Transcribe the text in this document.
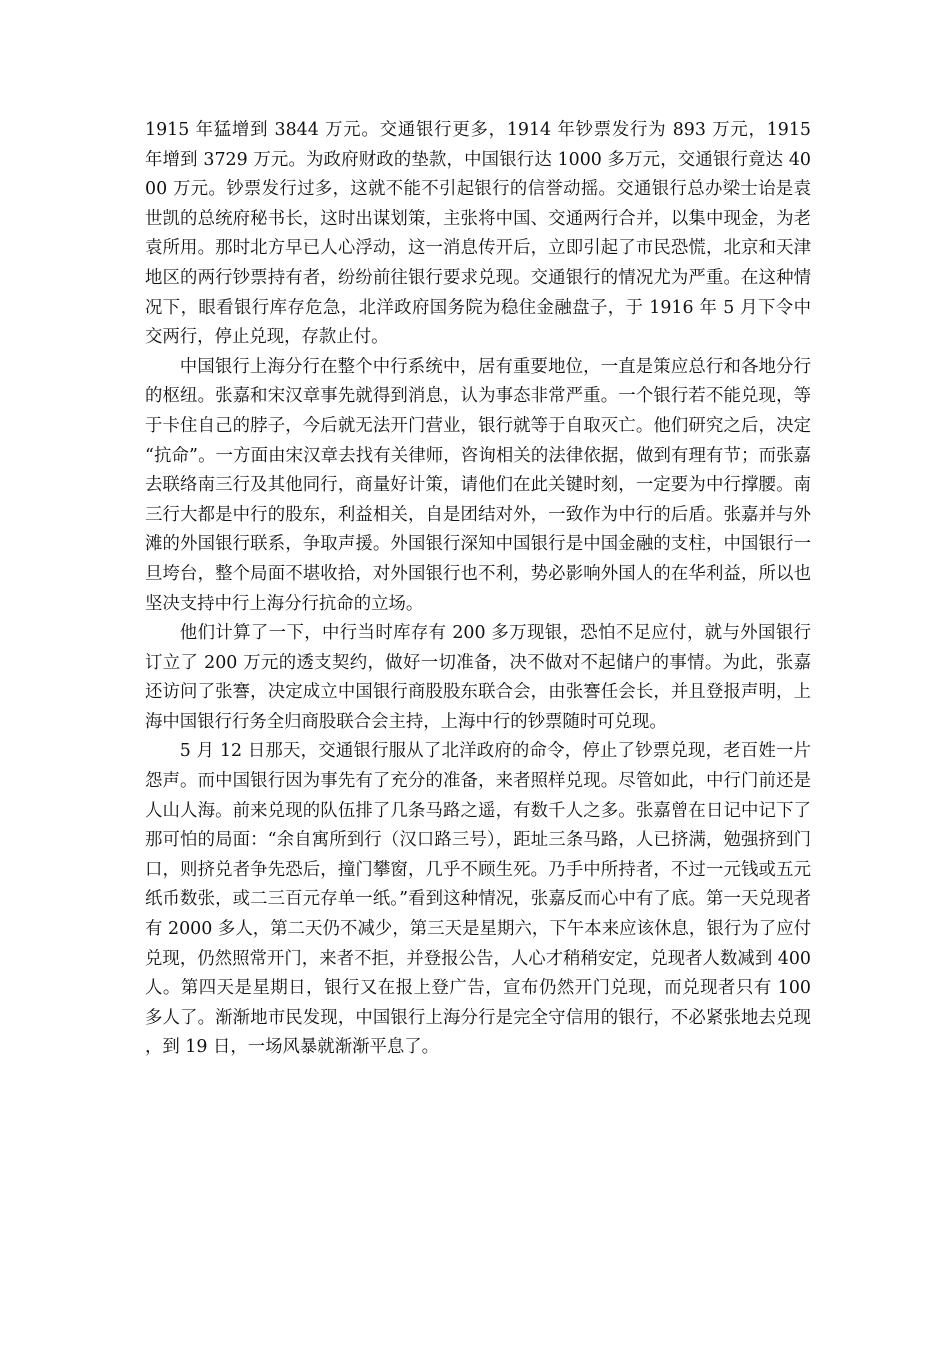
1915 年猛增到 3844 万元。交通银行更多，1914 年钞票发行为 893 万元，1915 年增到 3729 万元。为政府财政的垫款，中国银行达 1000 多万元，交通银行竟达 4000 万元。钞票发行过多，这就不能不引起银行的信誉动摇。交通银行总办梁士诒是袁世凯的总统府秘书长，这时出谋划策，主张将中国、交通两行合并，以集中现金，为老袁所用。那时北方早已人心浮动，这一消息传开后，立即引起了市民恐慌，北京和天津地区的两行钞票持有者，纷纷前往银行要求兑现。交通银行的情况尤为严重。在这种情况下，眼看银行库存危急，北洋政府国务院为稳住金融盘子，于 1916 年 5 月下令中交两行，停止兑现，存款止付。

中国银行上海分行在整个中行系统中，居有重要地位，一直是策应总行和各地分行的枢纽。张嘉和宋汉章事先就得到消息，认为事态非常严重。一个银行若不能兑现，等于卡住自己的脖子，今后就无法开门营业，银行就等于自取灭亡。他们研究之后，决定“抗命”。一方面由宋汉章去找有关律师，咨询相关的法律依据，做到有理有节；而张嘉去联络南三行及其他同行，商量好计策，请他们在此关键时刻，一定要为中行撑腰。南三行大都是中行的股东，利益相关，自是团结对外，一致作为中行的后盾。张嘉并与外滩的外国银行联系，争取声援。外国银行深知中国银行是中国金融的支柱，中国银行一旦垮台，整个局面不堪收拾，对外国银行也不利，势必影响外国人的在华利益，所以也坚决支持中行上海分行抗命的立场。

他们计算了一下，中行当时库存有 200 多万现银，恐怕不足应付，就与外国银行订立了 200 万元的透支契约，做好一切准备，决不做对不起储户的事情。为此，张嘉还访问了张謇，决定成立中国银行商股股东联合会，由张謇任会长，并且登报声明，上海中国银行行务全归商股联合会主持，上海中行的钞票随时可兑现。

5 月 12 日那天，交通银行服从了北洋政府的命令，停止了钞票兑现，老百姓一片怨声。而中国银行因为事先有了充分的准备，来者照样兑现。尽管如此，中行门前还是人山人海。前来兑现的队伍排了几条马路之遥，有数千人之多。张嘉曾在日记中记下了那可怕的局面：“余自寓所到行（汉口路三号），距址三条马路，人已挤满，勉强挤到门口，则挤兑者争先恐后，撞门攀窗，几乎不顾生死。乃手中所持者，不过一元钱或五元纸币数张，或二三百元存单一纸。”看到这种情况，张嘉反而心中有了底。第一天兑现者有 2000 多人，第二天仍不减少，第三天是星期六，下午本来应该休息，银行为了应付兑现，仍然照常开门，来者不拒，并登报公告，人心才稍稍安定，兑现者人数减到 400 人。第四天是星期日，银行又在报上登广告，宣布仍然开门兑现，而兑现者只有 100 多人了。渐渐地市民发现，中国银行上海分行是完全守信用的银行，不必紧张地去兑现，到 19 日，一场风暴就渐渐平息了。
